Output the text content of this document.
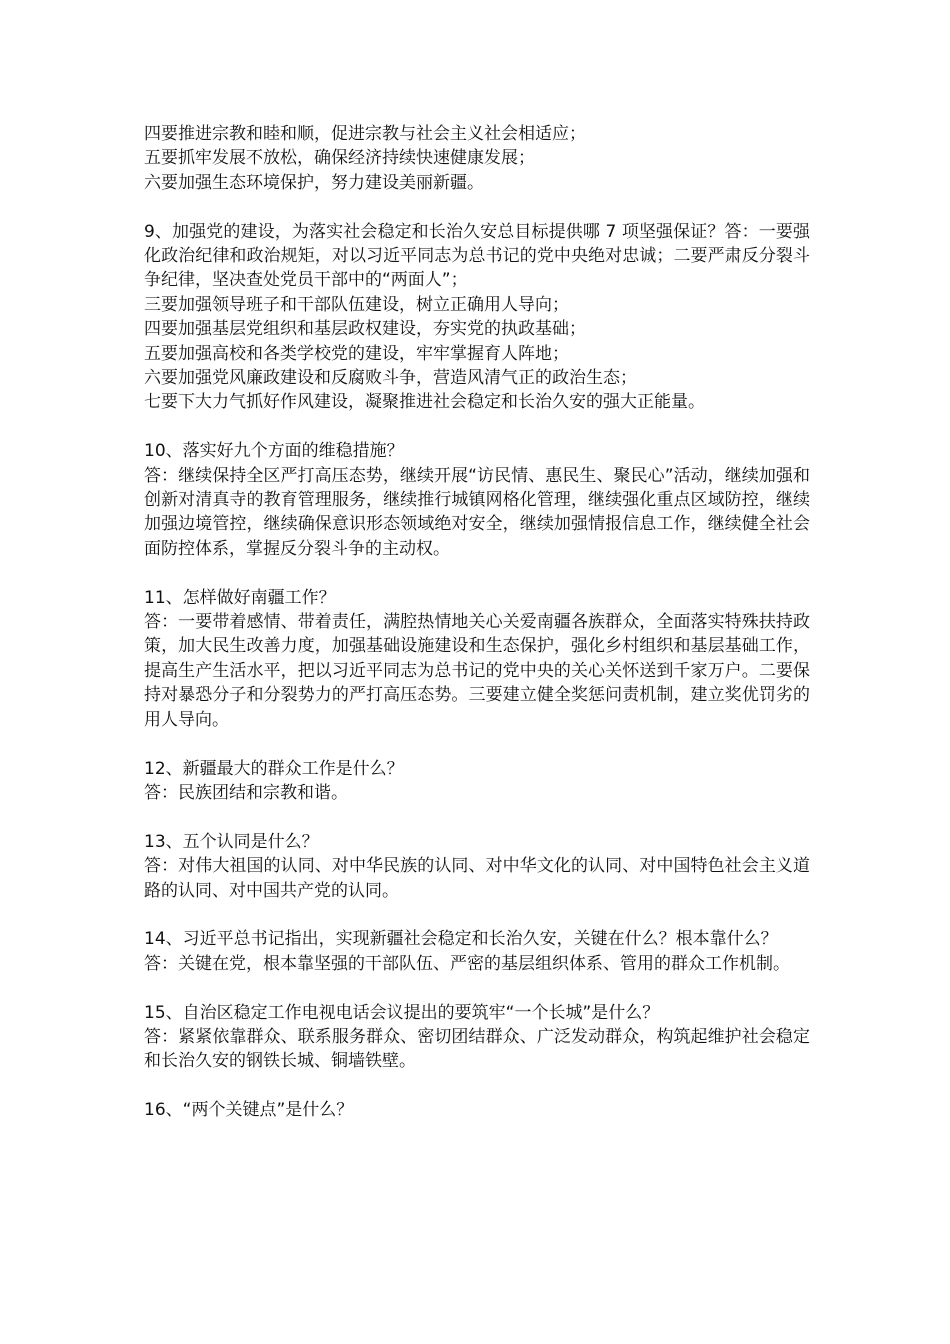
四要推进宗教和睦和顺，促进宗教与社会主义社会相适应；
五要抓牢发展不放松，确保经济持续快速健康发展；
六要加强生态环境保护，努力建设美丽新疆。
9、加强党的建设，为落实社会稳定和长治久安总目标提供哪 7 项坚强保证？答：一要强化政治纪律和政治规矩，对以习近平同志为总书记的党中央绝对忠诚；二要严肃反分裂斗争纪律，坚决查处党员干部中的“两面人”；
三要加强领导班子和干部队伍建设，树立正确用人导向；
四要加强基层党组织和基层政权建设，夯实党的执政基础；
五要加强高校和各类学校党的建设，牢牢掌握育人阵地；
六要加强党风廉政建设和反腐败斗争，营造风清气正的政治生态；
七要下大力气抓好作风建设，凝聚推进社会稳定和长治久安的强大正能量。
10、落实好九个方面的维稳措施？
答：继续保持全区严打高压态势，继续开展“访民情、惠民生、聚民心”活动，继续加强和创新对清真寺的教育管理服务，继续推行城镇网格化管理，继续强化重点区域防控，继续加强边境管控，继续确保意识形态领域绝对安全，继续加强情报信息工作，继续健全社会面防控体系，掌握反分裂斗争的主动权。
11、怎样做好南疆工作？
答：一要带着感情、带着责任，满腔热情地关心关爱南疆各族群众，全面落实特殊扶持政策，加大民生改善力度，加强基础设施建设和生态保护，强化乡村组织和基层基础工作，提高生产生活水平，把以习近平同志为总书记的党中央的关心关怀送到千家万户。二要保持对暴恐分子和分裂势力的严打高压态势。三要建立健全奖惩问责机制，建立奖优罚劣的用人导向。
12、新疆最大的群众工作是什么？
答：民族团结和宗教和谐。
13、五个认同是什么？
答：对伟大祖国的认同、对中华民族的认同、对中华文化的认同、对中国特色社会主义道路的认同、对中国共产党的认同。
14、习近平总书记指出，实现新疆社会稳定和长治久安，关键在什么？根本靠什么？
答：关键在党，根本靠坚强的干部队伍、严密的基层组织体系、管用的群众工作机制。
15、自治区稳定工作电视电话会议提出的要筑牢“一个长城”是什么？
答：紧紧依靠群众、联系服务群众、密切团结群众、广泛发动群众，构筑起维护社会稳定和长治久安的钢铁长城、铜墙铁壁。
16、“两个关键点”是什么？
